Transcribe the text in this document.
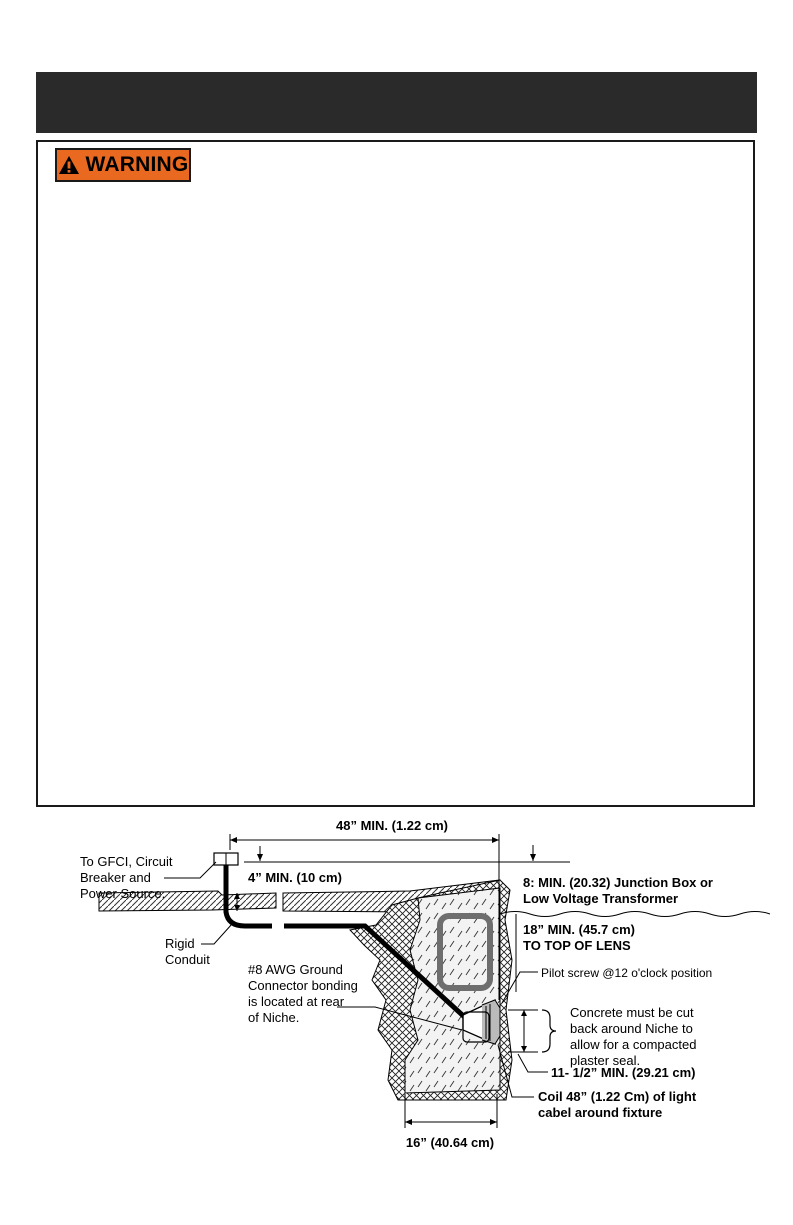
WARNING
48” MIN. (1.22 cm)
4” MIN. (10 cm)
To GFCI, Circuit
Breaker and
Power Source.
Rigid
Conduit
8: MIN. (20.32) Junction Box or
Low Voltage Transformer
18” MIN. (45.7 cm)
TO TOP OF LENS
#8 AWG Ground
Connector bonding
is located at rear
of Niche.
Pilot screw @12 o'clock position
Concrete must be cut
back around Niche to
allow for a compacted
plaster seal.
11- 1/2” MIN. (29.21 cm)
Coil 48” (1.22 Cm) of light
cabel around fixture
16” (40.64 cm)
